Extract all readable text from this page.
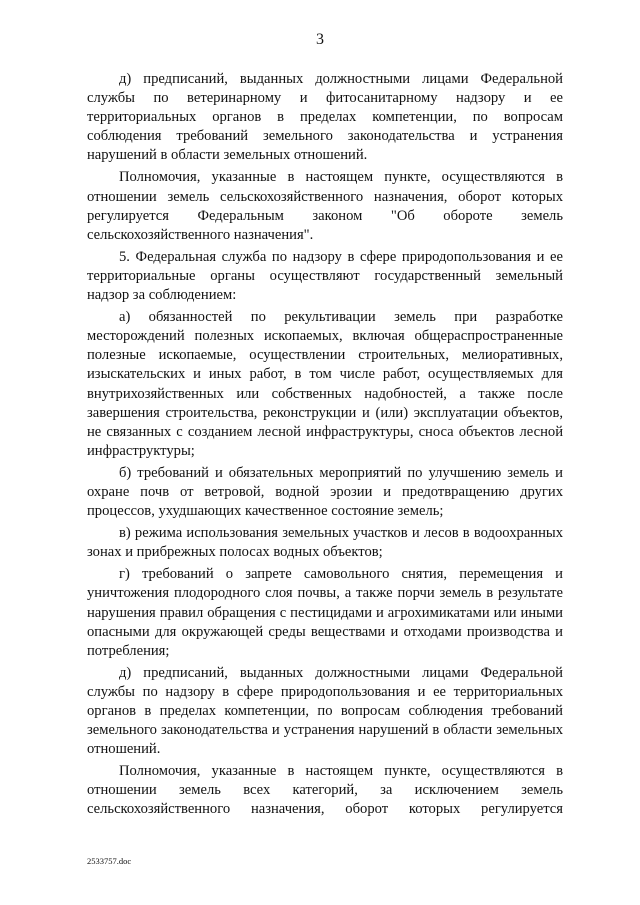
3

д) предписаний, выданных должностными лицами Федеральной службы по ветеринарному и фитосанитарному надзору и ее территориальных органов в пределах компетенции, по вопросам соблюдения требований земельного законодательства и устранения нарушений в области земельных отношений.

Полномочия, указанные в настоящем пункте, осуществляются в отношении земель сельскохозяйственного назначения, оборот которых регулируется Федеральным законом "Об обороте земель сельскохозяйственного назначения".

5. Федеральная служба по надзору в сфере природопользования и ее территориальные органы осуществляют государственный земельный надзор за соблюдением:

а) обязанностей по рекультивации земель при разработке месторождений полезных ископаемых, включая общераспространенные полезные ископаемые, осуществлении строительных, мелиоративных, изыскательских и иных работ, в том числе работ, осуществляемых для внутрихозяйственных или собственных надобностей, а также после завершения строительства, реконструкции и (или) эксплуатации объектов, не связанных с созданием лесной инфраструктуры, сноса объектов лесной инфраструктуры;

б) требований и обязательных мероприятий по улучшению земель и охране почв от ветровой, водной эрозии и предотвращению других процессов, ухудшающих качественное состояние земель;

в) режима использования земельных участков и лесов в водоохранных зонах и прибрежных полосах водных объектов;

г) требований о запрете самовольного снятия, перемещения и уничтожения плодородного слоя почвы, а также порчи земель в результате нарушения правил обращения с пестицидами и агрохимикатами или иными опасными для окружающей среды веществами и отходами производства и потребления;

д) предписаний, выданных должностными лицами Федеральной службы по надзору в сфере природопользования и ее территориальных органов в пределах компетенции, по вопросам соблюдения требований земельного законодательства и устранения нарушений в области земельных отношений.

Полномочия, указанные в настоящем пункте, осуществляются в отношении земель всех категорий, за исключением земель сельскохозяйственного назначения, оборот которых регулируется

2533757.doc
